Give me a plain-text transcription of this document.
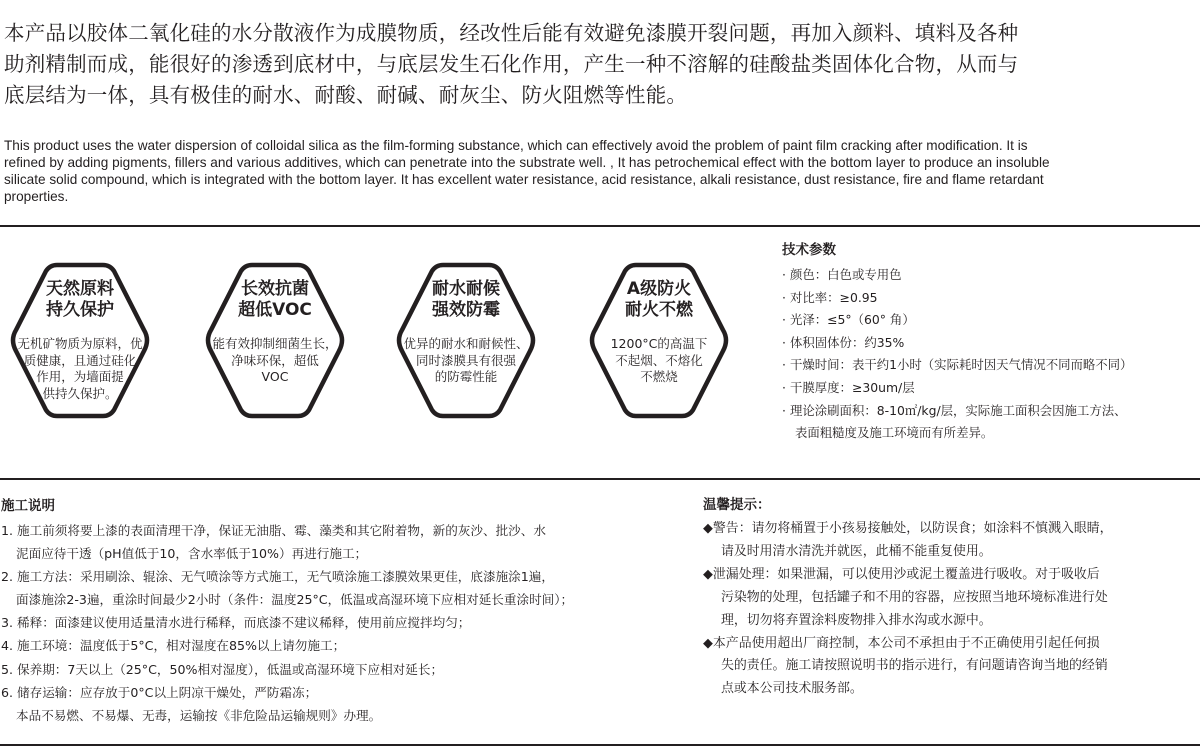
本产品以胶体二氧化硅的水分散液作为成膜物质，经改性后能有效避免漆膜开裂问题，再加入颜料、填料及各种

助剂精制而成，能很好的渗透到底材中，与底层发生石化作用，产生一种不溶解的硅酸盐类固体化合物，从而与

底层结为一体，具有极佳的耐水、耐酸、耐碱、耐灰尘、防火阻燃等性能。

This product uses the water dispersion of colloidal silica as the film-forming substance, which can effectively avoid the problem of paint film cracking after modification. It is

refined by adding pigments, fillers and various additives, which can penetrate into the substrate well. , It has petrochemical effect with the bottom layer to produce an insoluble

silicate solid compound, which is integrated with the bottom layer. It has excellent water resistance, acid resistance, alkali resistance, dust resistance, fire and flame retardant

properties.

天然原料
持久保护
无机矿物质为原料，优
质健康，且通过硅化
作用，为墙面提
供持久保护。
长效抗菌
超低VOC
能有效抑制细菌生长，
净味环保，超低
VOC
耐水耐候
强效防霉
优异的耐水和耐候性、
同时漆膜具有很强
的防霉性能
A级防火
耐火不燃
1200°C的高温下
不起烟、不熔化
不燃烧
技术参数
· 颜色：白色或专用色
· 对比率：≥0.95
· 光泽：≤5°（60° 角）
· 体积固体份：约35%
· 干燥时间：表干约1小时（实际耗时因天气情况不同而略不同）
· 干膜厚度：≥30um/层
· 理论涂刷面积：8-10㎡/kg/层，实际施工面积会因施工方法、
表面粗糙度及施工环境而有所差异。
施工说明
1. 施工前须将要上漆的表面清理干净，保证无油脂、霉、藻类和其它附着物，新的灰沙、批沙、水
泥面应待干透（pH值低于10，含水率低于10%）再进行施工；
2. 施工方法：采用刷涂、辊涂、无气喷涂等方式施工，无气喷涂施工漆膜效果更佳，底漆施涂1遍，
面漆施涂2-3遍，重涂时间最少2小时（条件：温度25°C，低温或高湿环境下应相对延长重涂时间）；
3. 稀释：面漆建议使用适量清水进行稀释，而底漆不建议稀释，使用前应搅拌均匀；
4. 施工环境：温度低于5°C，相对湿度在85%以上请勿施工；
5. 保养期：7天以上（25°C，50%相对湿度），低温或高湿环境下应相对延长；
6. 储存运输：应存放于0°C以上阴凉干燥处，严防霜冻；
本品不易燃、不易爆、无毒，运输按《非危险品运输规则》办理。
温馨提示：
◆警告：请勿将桶置于小孩易接触处，以防误食；如涂料不慎溅入眼睛，
请及时用清水清洗并就医，此桶不能重复使用。
◆泄漏处理：如果泄漏，可以使用沙或泥土覆盖进行吸收。对于吸收后
污染物的处理，包括罐子和不用的容器，应按照当地环境标准进行处
理，切勿将弃置涂料废物排入排水沟或水源中。
◆本产品使用超出厂商控制，本公司不承担由于不正确使用引起任何损
失的责任。施工请按照说明书的指示进行，有问题请咨询当地的经销
点或本公司技术服务部。
